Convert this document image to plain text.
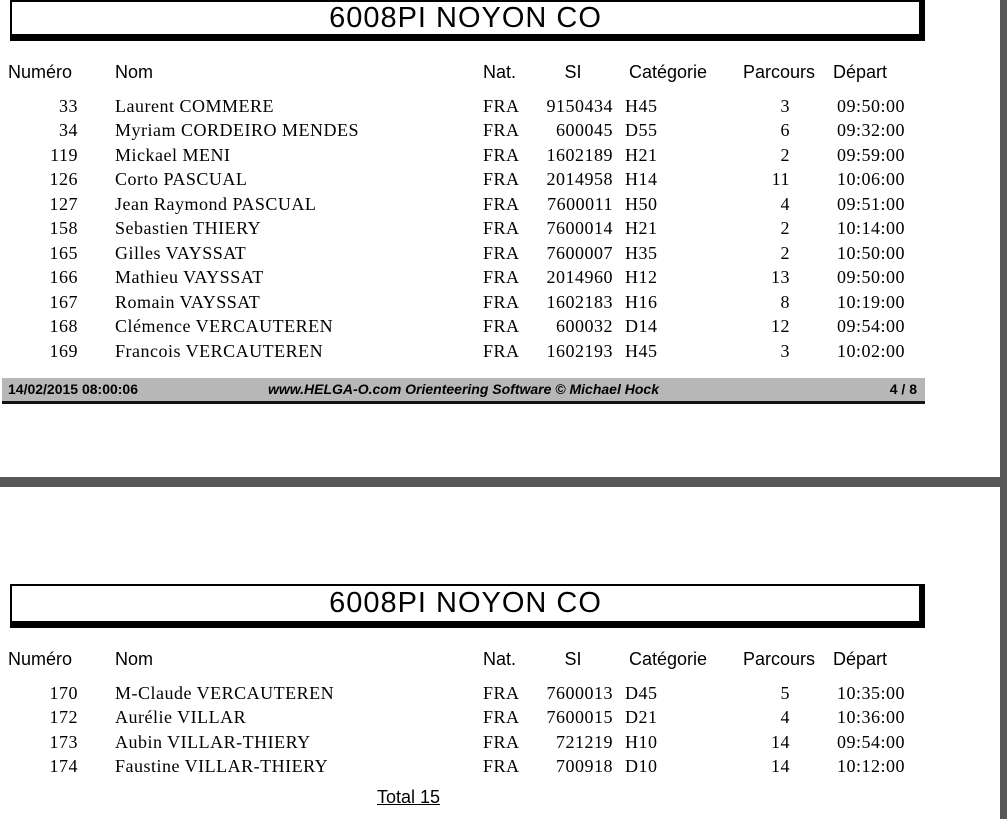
6008PI NOYON CO
Numéro	Nom	Nat.	SI	Catégorie	Parcours	Départ
33	Laurent COMMERE	FRA	9150434	H45	3	09:50:00
34	Myriam CORDEIRO MENDES	FRA	600045	D55	6	09:32:00
119	Mickael MENI	FRA	1602189	H21	2	09:59:00
126	Corto PASCUAL	FRA	2014958	H14	11	10:06:00
127	Jean Raymond PASCUAL	FRA	7600011	H50	4	09:51:00
158	Sebastien THIERY	FRA	7600014	H21	2	10:14:00
165	Gilles VAYSSAT	FRA	7600007	H35	2	10:50:00
166	Mathieu VAYSSAT	FRA	2014960	H12	13	09:50:00
167	Romain VAYSSAT	FRA	1602183	H16	8	10:19:00
168	Clémence VERCAUTEREN	FRA	600032	D14	12	09:54:00
169	Francois VERCAUTEREN	FRA	1602193	H45	3	10:02:00
14/02/2015 08:00:06	www.HELGA-O.com Orienteering Software © Michael Hock	4 / 8
6008PI NOYON CO
Numéro	Nom	Nat.	SI	Catégorie	Parcours	Départ
170	M-Claude VERCAUTEREN	FRA	7600013	D45	5	10:35:00
172	Aurélie VILLAR	FRA	7600015	D21	4	10:36:00
173	Aubin VILLAR-THIERY	FRA	721219	H10	14	09:54:00
174	Faustine VILLAR-THIERY	FRA	700918	D10	14	10:12:00
Total 15
